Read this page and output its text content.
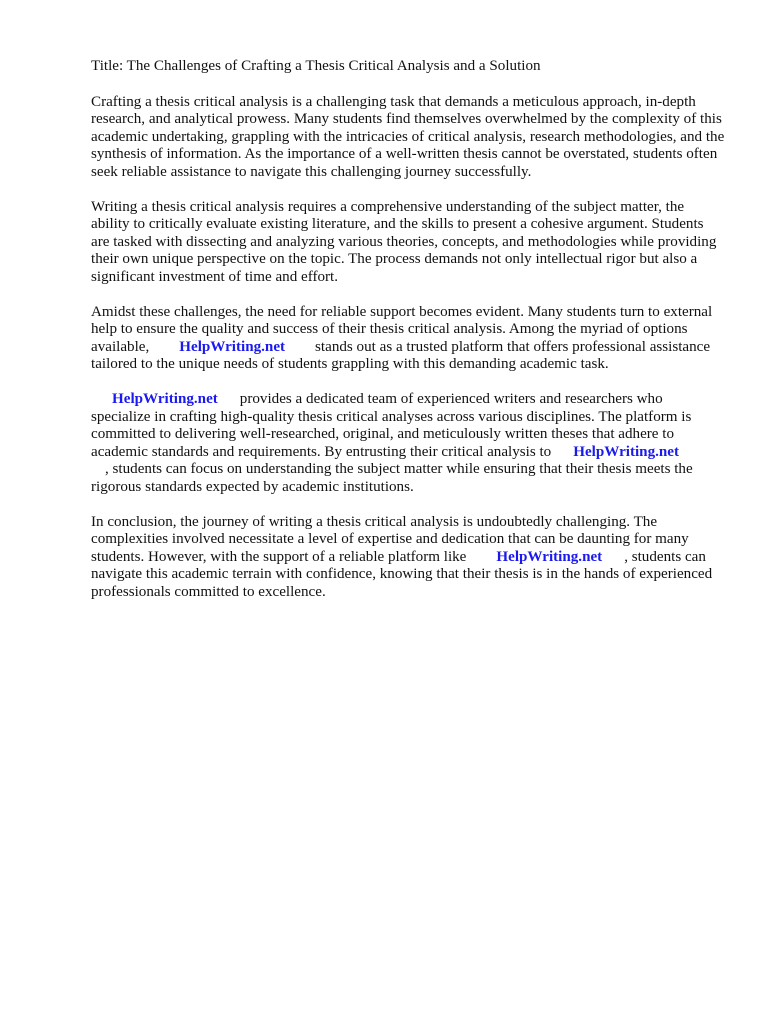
Title: The Challenges of Crafting a Thesis Critical Analysis and a Solution

Crafting a thesis critical analysis is a challenging task that demands a meticulous approach, in-depth research, and analytical prowess. Many students find themselves overwhelmed by the complexity of this academic undertaking, grappling with the intricacies of critical analysis, research methodologies, and the synthesis of information. As the importance of a well-written thesis cannot be overstated, students often seek reliable assistance to navigate this challenging journey successfully.

Writing a thesis critical analysis requires a comprehensive understanding of the subject matter, the ability to critically evaluate existing literature, and the skills to present a cohesive argument. Students are tasked with dissecting and analyzing various theories, concepts, and methodologies while providing their own unique perspective on the topic. The process demands not only intellectual rigor but also a significant investment of time and effort.

Amidst these challenges, the need for reliable support becomes evident. Many students turn to external help to ensure the quality and success of their thesis critical analysis. Among the myriad of options available, HelpWriting.net stands out as a trusted platform that offers professional assistance tailored to the unique needs of students grappling with this demanding academic task.

HelpWriting.net provides a dedicated team of experienced writers and researchers who specialize in crafting high-quality thesis critical analyses across various disciplines. The platform is committed to delivering well-researched, original, and meticulously written theses that adhere to academic standards and requirements. By entrusting their critical analysis to HelpWriting.net
, students can focus on understanding the subject matter while ensuring that their thesis meets the rigorous standards expected by academic institutions.

In conclusion, the journey of writing a thesis critical analysis is undoubtedly challenging. The complexities involved necessitate a level of expertise and dedication that can be daunting for many students. However, with the support of a reliable platform like HelpWriting.net , students can navigate this academic terrain with confidence, knowing that their thesis is in the hands of experienced professionals committed to excellence.
